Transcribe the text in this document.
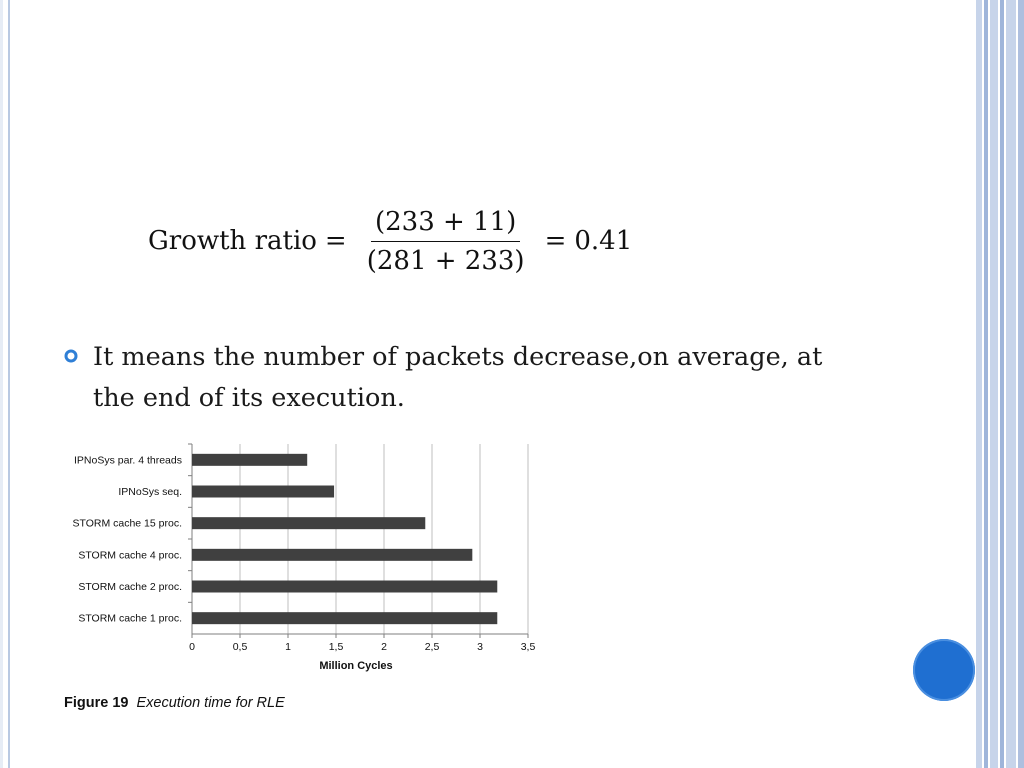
Growth ratio = $\frac{(233 + 11)}{(281 + 233)} = 0.41$
It means the number of packets decrease,on average, at the end of its execution.
IPNoSys par. 4 threads
IPNoSys seq.
STORM cache 15 proc.
STORM cache 4 proc.
STORM cache 2 proc.
STORM cache 1 proc.
0	0,5	1	1,5	2	2,5	3	3,5
Million Cycles
Figure 19 Execution time for RLE
